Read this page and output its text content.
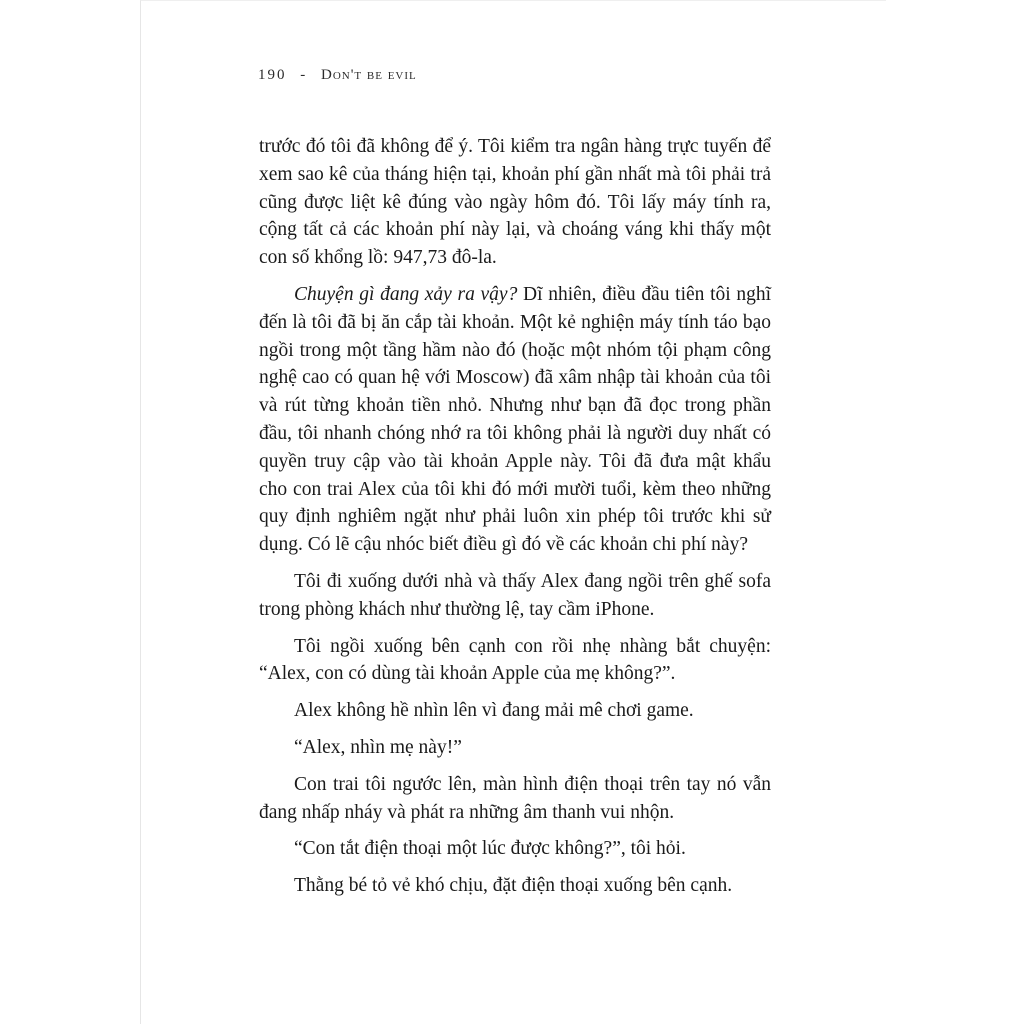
190 - Don't be evil

trước đó tôi đã không để ý. Tôi kiểm tra ngân hàng trực tuyến để xem sao kê của tháng hiện tại, khoản phí gần nhất mà tôi phải trả cũng được liệt kê đúng vào ngày hôm đó. Tôi lấy máy tính ra, cộng tất cả các khoản phí này lại, và choáng váng khi thấy một con số khổng lồ: 947,73 đô-la.

Chuyện gì đang xảy ra vậy? Dĩ nhiên, điều đầu tiên tôi nghĩ đến là tôi đã bị ăn cắp tài khoản. Một kẻ nghiện máy tính táo bạo ngồi trong một tầng hầm nào đó (hoặc một nhóm tội phạm công nghệ cao có quan hệ với Moscow) đã xâm nhập tài khoản của tôi và rút từng khoản tiền nhỏ. Nhưng như bạn đã đọc trong phần đầu, tôi nhanh chóng nhớ ra tôi không phải là người duy nhất có quyền truy cập vào tài khoản Apple này. Tôi đã đưa mật khẩu cho con trai Alex của tôi khi đó mới mười tuổi, kèm theo những quy định nghiêm ngặt như phải luôn xin phép tôi trước khi sử dụng. Có lẽ cậu nhóc biết điều gì đó về các khoản chi phí này?

Tôi đi xuống dưới nhà và thấy Alex đang ngồi trên ghế sofa trong phòng khách như thường lệ, tay cầm iPhone.

Tôi ngồi xuống bên cạnh con rồi nhẹ nhàng bắt chuyện: “Alex, con có dùng tài khoản Apple của mẹ không?”.

Alex không hề nhìn lên vì đang mải mê chơi game.

“Alex, nhìn mẹ này!”

Con trai tôi ngước lên, màn hình điện thoại trên tay nó vẫn đang nhấp nháy và phát ra những âm thanh vui nhộn.

“Con tắt điện thoại một lúc được không?”, tôi hỏi.

Thằng bé tỏ vẻ khó chịu, đặt điện thoại xuống bên cạnh.
